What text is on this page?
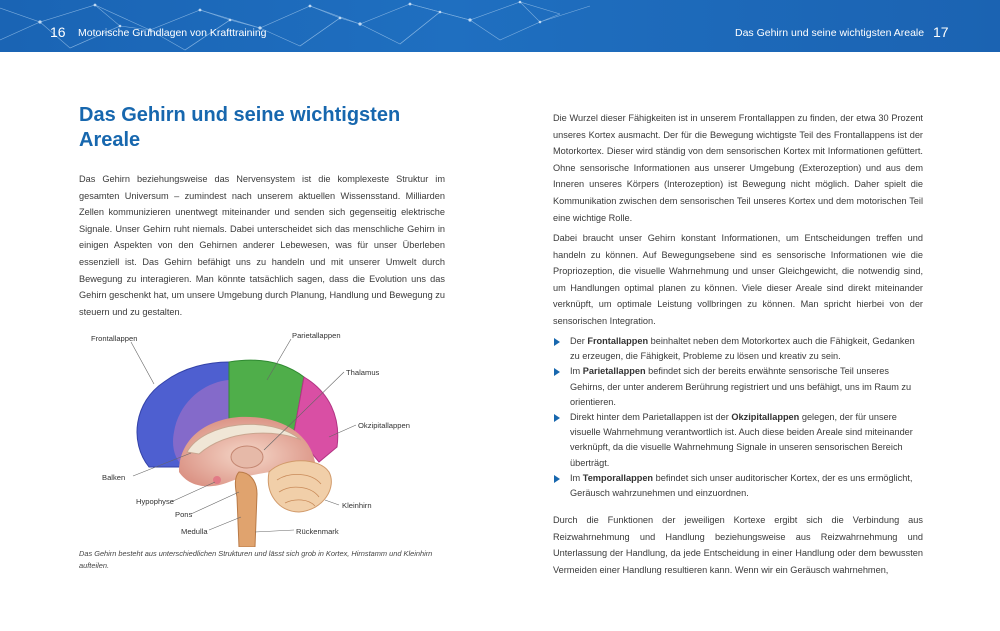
16 Motorische Grundlagen von Krafttraining	Das Gehirn und seine wichtigsten Areale 17
Das Gehirn und seine wichtigsten Areale

Das Gehirn beziehungsweise das Nervensystem ist die komplexeste Struktur im gesamten Universum – zumindest nach unserem aktuellen Wissensstand. Milliarden Zellen kommunizieren unentwegt miteinander und senden sich gegenseitig elektrische Signale. Unser Gehirn ruht niemals. Dabei unterscheidet sich das menschliche Gehirn in einigen Aspekten von den Gehirnen anderer Lebewesen, was für unser Überleben essenziell ist. Das Gehirn befähigt uns zu handeln und mit unserer Umwelt durch Bewegung zu interagieren. Man könnte tatsächlich sagen, dass die Evolution uns das Gehirn geschenkt hat, um unsere Umgebung durch Planung, Handlung und Bewegung zu steuern und zu gestalten.

Frontallappen	Parietallappen
Thalamus
Okzipitallappen
Balken
Hypophyse
Pons
Medulla	Rückenmark
Kleinhirn

Das Gehirn besteht aus unterschiedlichen Strukturen und lässt sich grob in Kortex, Hirnstamm und Kleinhirn aufteilen.

Die Wurzel dieser Fähigkeiten ist in unserem Frontallappen zu finden, der etwa 30 Prozent unseres Kortex ausmacht. Der für die Bewegung wichtigste Teil des Frontallappens ist der Motorkortex. Dieser wird ständig von dem sensorischen Kortex mit Informationen gefüttert. Ohne sensorische Informationen aus unserer Umgebung (Exterozeption) und aus dem Inneren unseres Körpers (Interozeption) ist Bewegung nicht möglich. Daher spielt die Kommunikation zwischen dem sensorischen Teil unseres Kortex und dem motorischen Teil eine wichtige Rolle.

Dabei braucht unser Gehirn konstant Informationen, um Entscheidungen treffen und handeln zu können. Auf Bewegungsebene sind es sensorische Informationen wie die Propriozeption, die visuelle Wahrnehmung und unser Gleichgewicht, die notwendig sind, um Handlungen optimal planen zu können. Viele dieser Areale sind direkt miteinander verknüpft, um optimale Leistung vollbringen zu können. Man spricht hierbei von der sensorischen Integration.

Der Frontallappen beinhaltet neben dem Motorkortex auch die Fähigkeit, Gedanken zu erzeugen, die Fähigkeit, Probleme zu lösen und kreativ zu sein.
Im Parietallappen befindet sich der bereits erwähnte sensorische Teil unseres Gehirns, der unter anderem Berührung registriert und uns befähigt, uns im Raum zu orientieren.
Direkt hinter dem Parietallappen ist der Okzipitallappen gelegen, der für unsere visuelle Wahrnehmung verantwortlich ist. Auch diese beiden Areale sind miteinander verknüpft, da die visuelle Wahrnehmung Signale in unseren sensorischen Bereich überträgt.
Im Temporallappen befindet sich unser auditorischer Kortex, der es uns ermöglicht, Geräusch wahrzunehmen und einzuordnen.

Durch die Funktionen der jeweiligen Kortexe ergibt sich die Verbindung aus Reizwahrnehmung und Handlung beziehungsweise aus Reizwahrnehmung und Unterlassung der Handlung, da jede Entscheidung in einer Handlung oder dem bewussten Vermeiden einer Handlung resultieren kann. Wenn wir ein Geräusch wahrnehmen,
